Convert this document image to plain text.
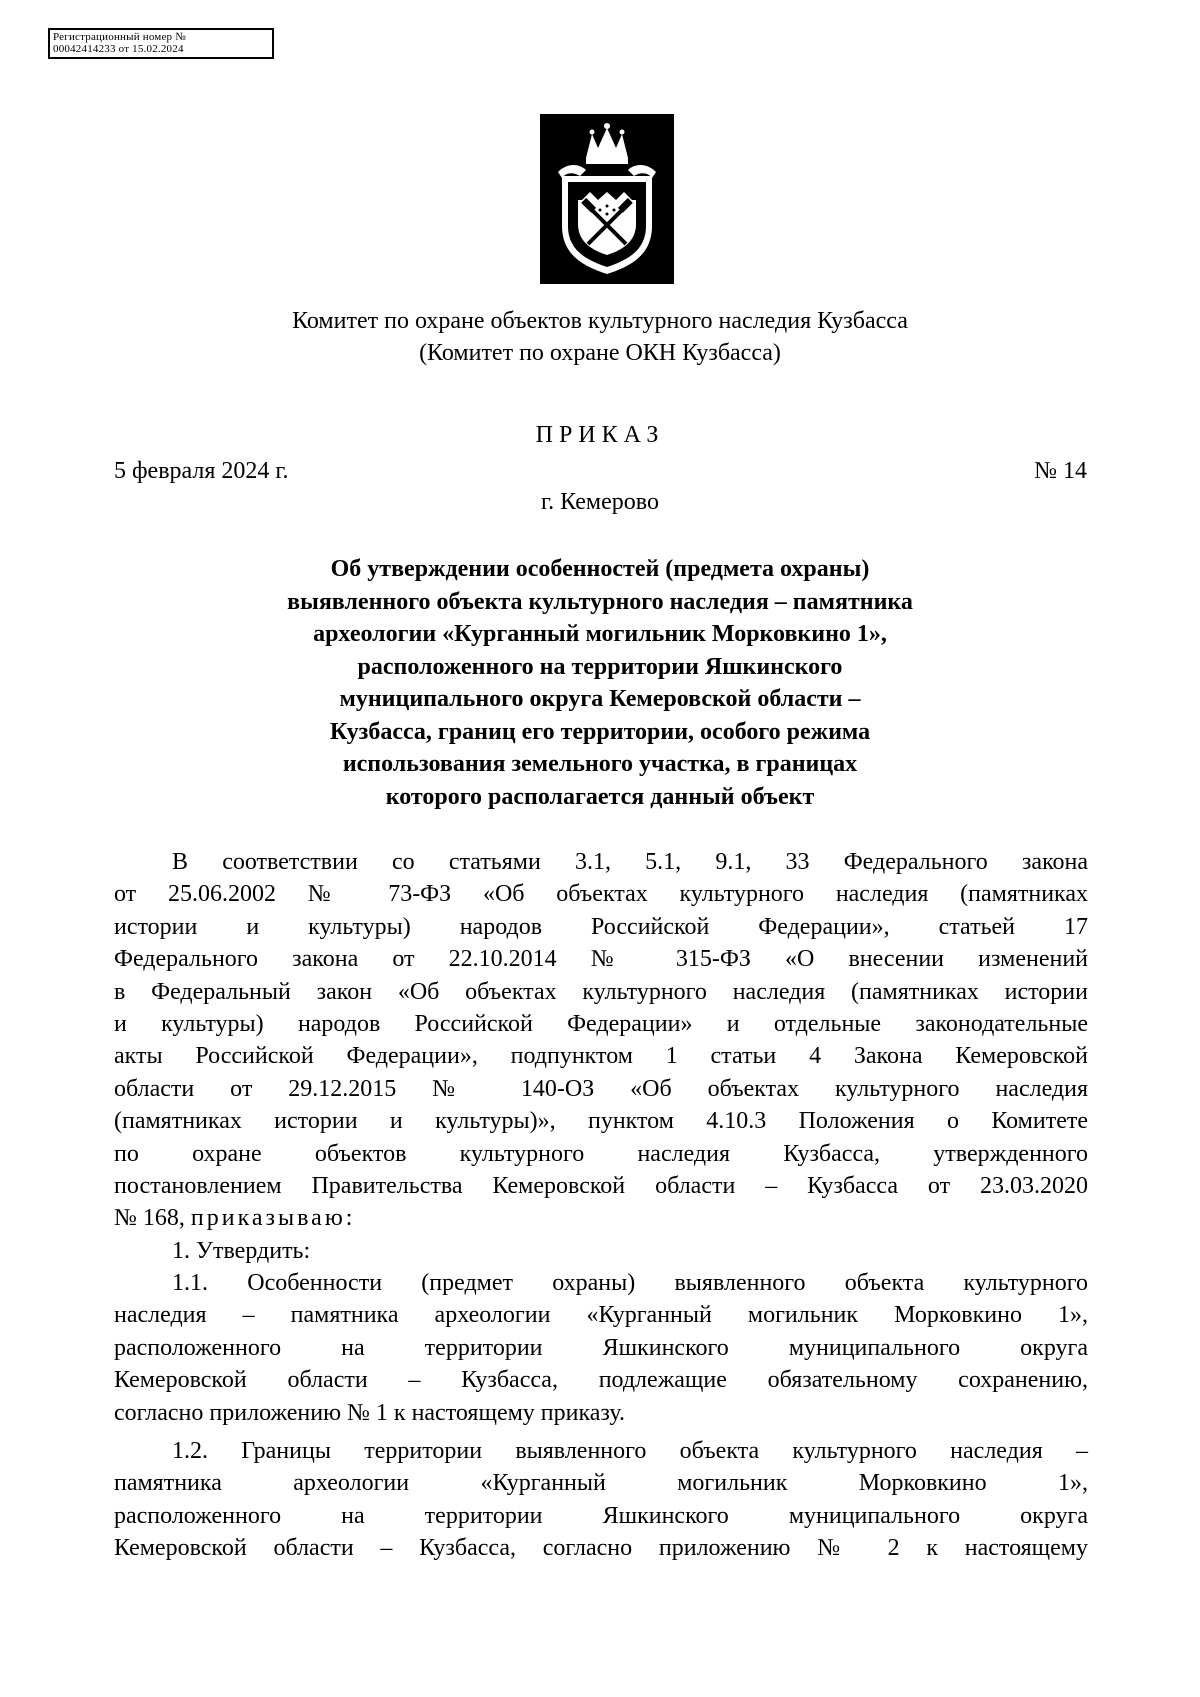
Регистрационный номер №
00042414233 от 15.02.2024
Комитет по охране объектов культурного наследия Кузбасса
(Комитет по охране ОКН Кузбасса)
ПРИКАЗ
5 февраля 2024 г.	№ 14
г. Кемерово
Об утверждении особенностей (предмета охраны)
выявленного объекта культурного наследия – памятника
археологии «Курганный могильник Морковкино 1»,
расположенного на территории Яшкинского
муниципального округа Кемеровской области –
Кузбасса, границ его территории, особого режима
использования земельного участка, в границах
которого располагается данный объект
В соответствии со статьями 3.1, 5.1, 9.1, 33 Федерального закона
от 25.06.2002 № 73-ФЗ «Об объектах культурного наследия (памятниках
истории и культуры) народов Российской Федерации», статьей 17
Федерального закона от 22.10.2014 № 315-ФЗ «О внесении изменений
в Федеральный закон «Об объектах культурного наследия (памятниках истории
и культуры) народов Российской Федерации» и отдельные законодательные
акты Российской Федерации», подпунктом 1 статьи 4 Закона Кемеровской
области от 29.12.2015 № 140-ОЗ «Об объектах культурного наследия
(памятниках истории и культуры)», пунктом 4.10.3 Положения о Комитете
по охране объектов культурного наследия Кузбасса, утвержденного
постановлением Правительства Кемеровской области – Кузбасса от 23.03.2020
№ 168, приказываю:
1. Утвердить:
1.1. Особенности (предмет охраны) выявленного объекта культурного
наследия – памятника археологии «Курганный могильник Морковкино 1»,
расположенного на территории Яшкинского муниципального округа
Кемеровской области – Кузбасса, подлежащие обязательному сохранению,
согласно приложению № 1 к настоящему приказу.
1.2. Границы территории выявленного объекта культурного наследия –
памятника археологии «Курганный могильник Морковкино 1»,
расположенного на территории Яшкинского муниципального округа
Кемеровской области – Кузбасса, согласно приложению № 2 к настоящему
